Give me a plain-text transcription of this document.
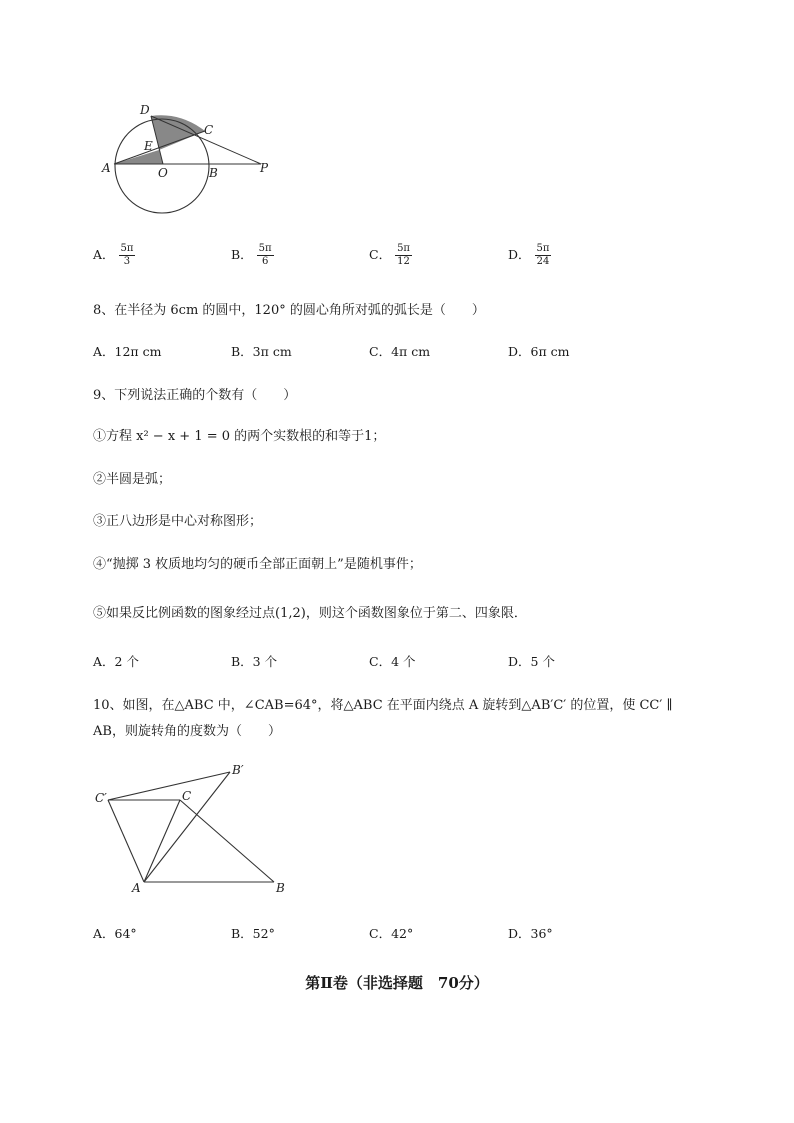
D
C
E
A	O	B	P
A． $\frac{5\pi}{3}$	B． $\frac{5\pi}{6}$	C． $\frac{5\pi}{12}$	D． $\frac{5\pi}{24}$
8、在半径为 6cm 的圆中，120° 的圆心角所对弧的弧长是（　　）
A．12π cm	B．3π cm	C．4π cm	D．6π cm
9、下列说法正确的个数有（　　）
①方程 x² − x + 1 = 0 的两个实数根的和等于1；
②半圆是弧；
③正八边形是中心对称图形；
④“抛掷 3 枚质地均匀的硬币全部正面朝上”是随机事件；
⑤如果反比例函数的图象经过点(1,2)，则这个函数图象位于第二、四象限．
A．2 个	B．3 个	C．4 个	D．5 个
10、如图，在△ABC 中，∠CAB=64°，将△ABC 在平面内绕点 A 旋转到△AB′C′ 的位置，使 CC′ ∥
AB，则旋转角的度数为（　　）
B′
C′	C
A	B
A．64°	B．52°	C．42°	D．36°
第Ⅱ卷（非选择题　70分）
